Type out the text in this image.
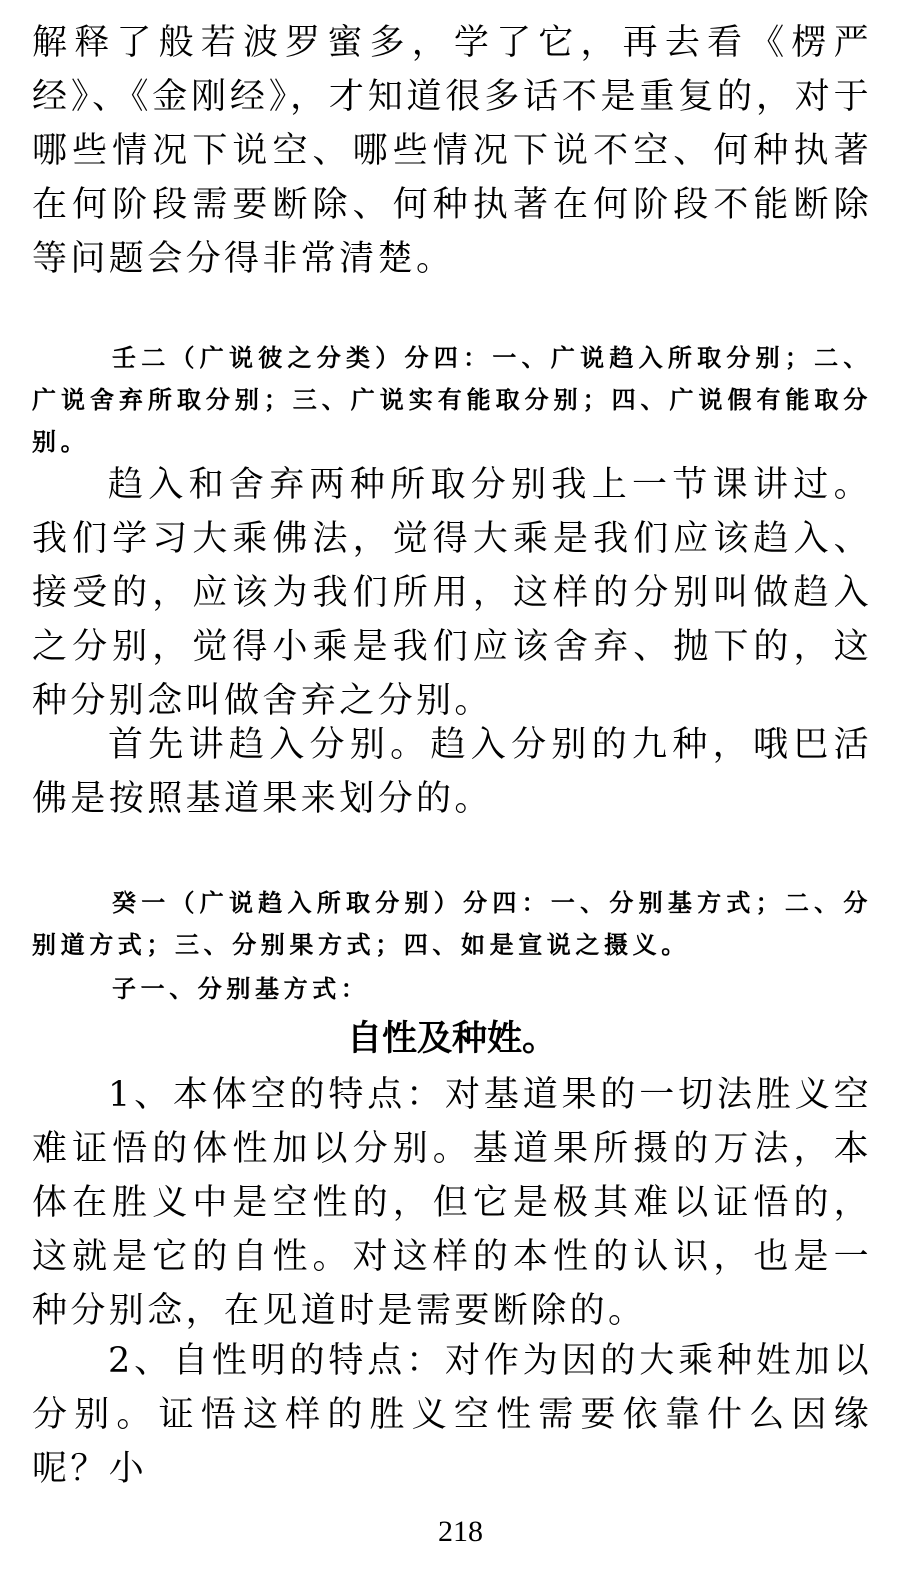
解释了般若波罗蜜多，学了它，再去看《楞严经》、《金刚经》，才知道很多话不是重复的，对于哪些情况下说空、哪些情况下说不空、何种执著在何阶段需要断除、何种执著在何阶段不能断除等问题会分得非常清楚。

壬二（广说彼之分类）分四：一、广说趋入所取分别；二、广说舍弃所取分别；三、广说实有能取分别；四、广说假有能取分别。

趋入和舍弃两种所取分别我上一节课讲过。我们学习大乘佛法，觉得大乘是我们应该趋入、接受的，应该为我们所用，这样的分别叫做趋入之分别，觉得小乘是我们应该舍弃、抛下的，这种分别念叫做舍弃之分别。

首先讲趋入分别。趋入分别的九种，哦巴活佛是按照基道果来划分的。

癸一（广说趋入所取分别）分四：一、分别基方式；二、分别道方式；三、分别果方式；四、如是宣说之摄义。

子一、分别基方式：

自性及种姓。

1、本体空的特点：对基道果的一切法胜义空难证悟的体性加以分别。基道果所摄的万法，本体在胜义中是空性的，但它是极其难以证悟的，这就是它的自性。对这样的本性的认识，也是一种分别念，在见道时是需要断除的。

2、自性明的特点：对作为因的大乘种姓加以分别。证悟这样的胜义空性需要依靠什么因缘呢？小

218
